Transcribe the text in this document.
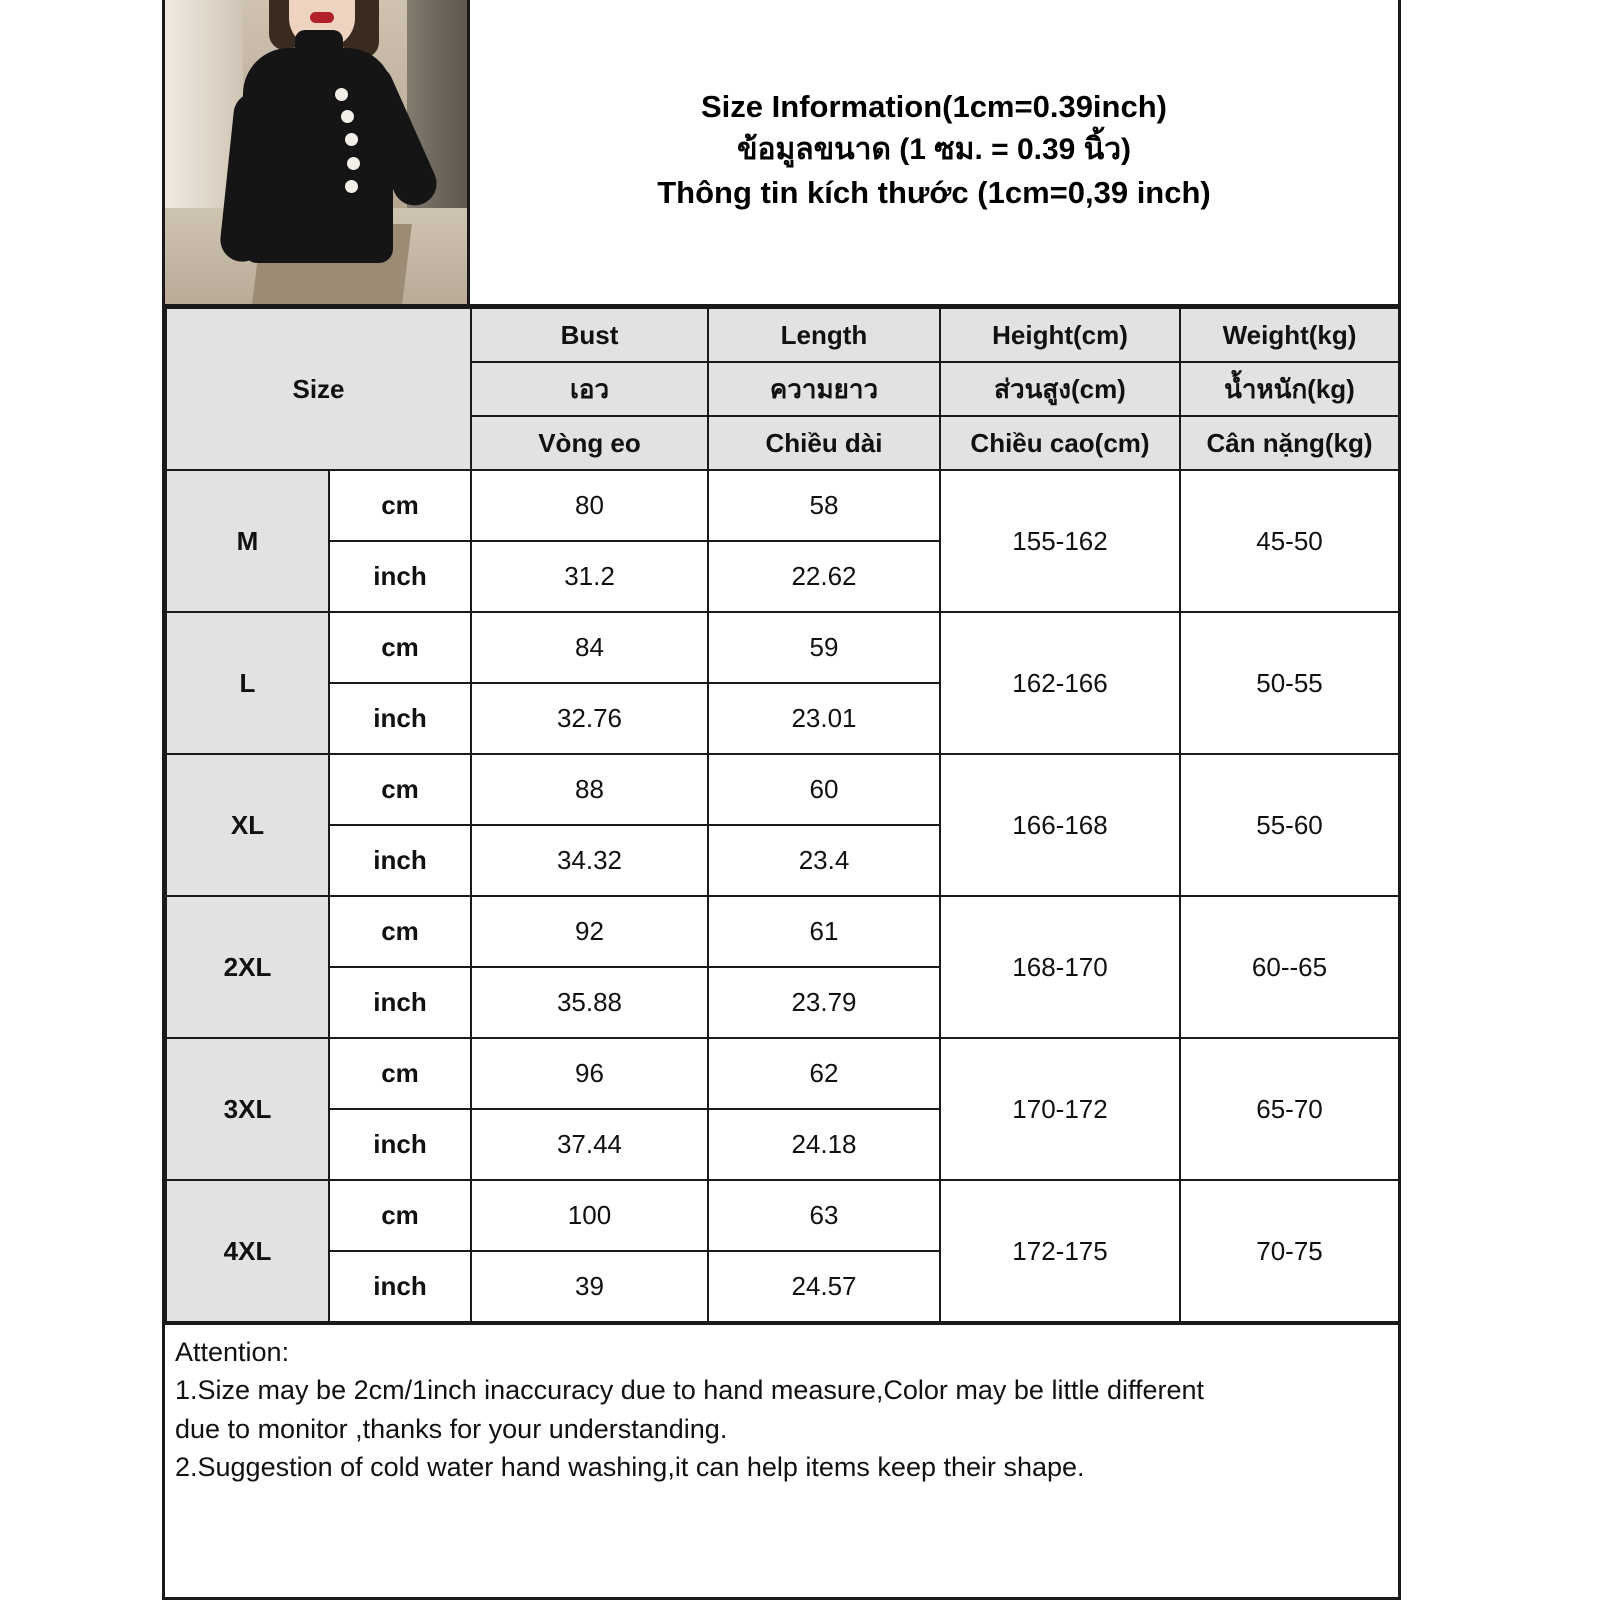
Size Information(1cm=0.39inch)
ข้อมูลขนาด (1 ซม. = 0.39 นิ้ว)
Thông tin kích thước (1cm=0,39 inch)
Size		Bust	Length	Height(cm)	Weight(kg)
		เอว	ความยาว	ส่วนสูง(cm)	น้ำหนัก(kg)
		Vòng eo	Chiều dài	Chiều cao(cm)	Cân nặng(kg)
M	cm	80	58	155-162	45-50
	inch	31.2	22.62		
L	cm	84	59	162-166	50-55
	inch	32.76	23.01		
XL	cm	88	60	166-168	55-60
	inch	34.32	23.4		
2XL	cm	92	61	168-170	60--65
	inch	35.88	23.79		
3XL	cm	96	62	170-172	65-70
	inch	37.44	24.18		
4XL	cm	100	63	172-175	70-75
	inch	39	24.57		

Attention:

1.Size may be 2cm/1inch inaccuracy due to hand measure,Color may be little different

due to monitor ,thanks for your understanding.

2.Suggestion of cold water hand washing,it can help items keep their shape.
